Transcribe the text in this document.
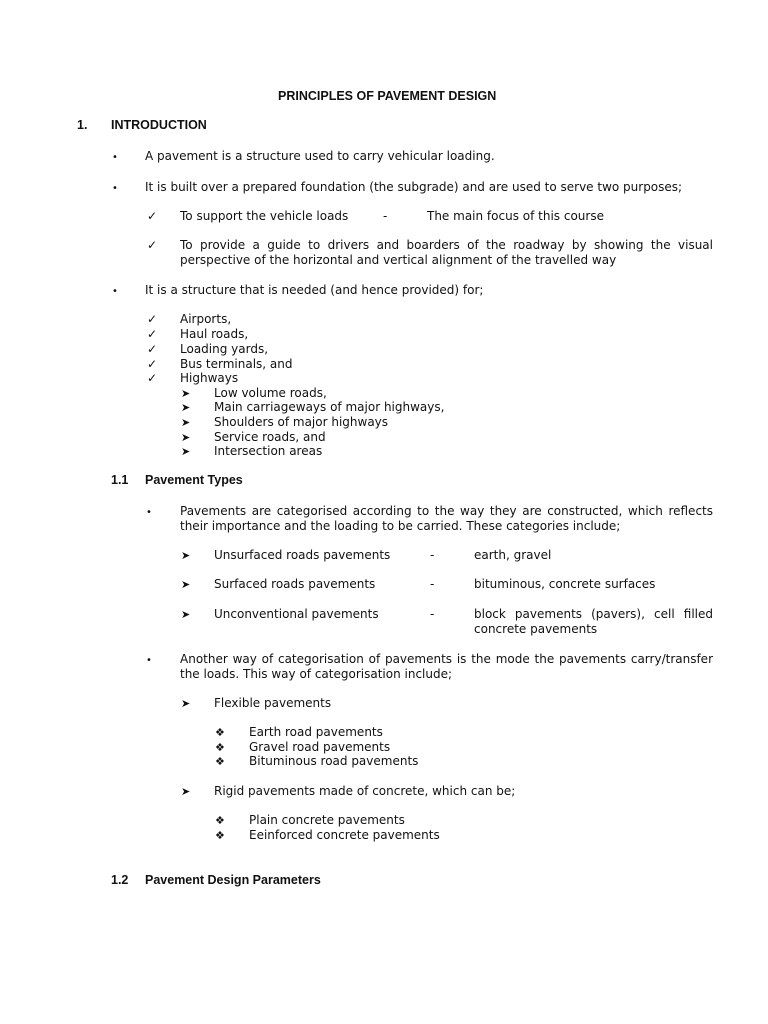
PRINCIPLES OF PAVEMENT DESIGN
1. INTRODUCTION
• A pavement is a structure used to carry vehicular loading.
• It is built over a prepared foundation (the subgrade) and are used to serve two purposes;
✓ To support the vehicle loads	-	The main focus of this course
✓ To provide a guide to drivers and boarders of the roadway by showing the visual
perspective of the horizontal and vertical alignment of the travelled way
• It is a structure that is needed (and hence provided) for;
✓ Airports,
✓ Haul roads,
✓ Loading yards,
✓ Bus terminals, and
✓ Highways
➤ Low volume roads,
➤ Main carriageways of major highways,
➤ Shoulders of major highways
➤ Service roads, and
➤ Intersection areas
1.1 Pavement Types
• Pavements are categorised according to the way they are constructed, which reflects
their importance and the loading to be carried. These categories include;
➤ Unsurfaced roads pavements	-	earth, gravel
➤ Surfaced roads pavements	-	bituminous, concrete surfaces
➤ Unconventional pavements	-	block pavements (pavers), cell filled
concrete pavements
• Another way of categorisation of pavements is the mode the pavements carry/transfer
the loads. This way of categorisation include;
➤ Flexible pavements
❖ Earth road pavements
❖ Gravel road pavements
❖ Bituminous road pavements
➤ Rigid pavements made of concrete, which can be;
❖ Plain concrete pavements
❖ Eeinforced concrete pavements
1.2 Pavement Design Parameters
